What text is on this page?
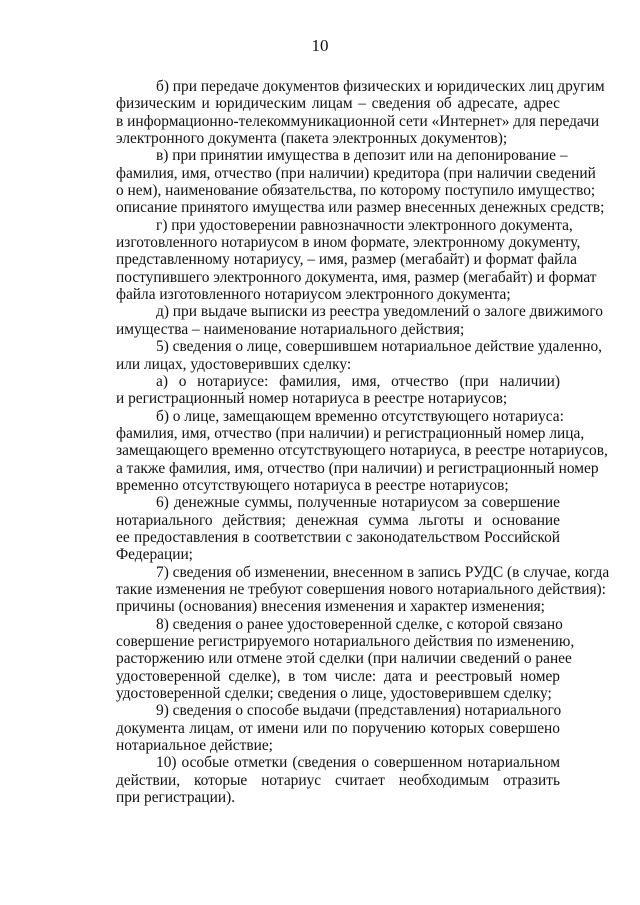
10
б) при передаче документов физических и юридических лиц другим
физическим и юридическим лицам – сведения об адресате, адрес
в информационно-телекоммуникационной сети «Интернет» для передачи
электронного документа (пакета электронных документов);
в) при принятии имущества в депозит или на депонирование –
фамилия, имя, отчество (при наличии) кредитора (при наличии сведений
о нем), наименование обязательства, по которому поступило имущество;
описание принятого имущества или размер внесенных денежных средств;
г) при удостоверении равнозначности электронного документа,
изготовленного нотариусом в ином формате, электронному документу,
представленному нотариусу, – имя, размер (мегабайт) и формат файла
поступившего электронного документа, имя, размер (мегабайт) и формат
файла изготовленного нотариусом электронного документа;
д) при выдаче выписки из реестра уведомлений о залоге движимого
имущества – наименование нотариального действия;
5) сведения о лице, совершившем нотариальное действие удаленно,
или лицах, удостоверивших сделку:
а) о нотариусе: фамилия, имя, отчество (при наличии)
и регистрационный номер нотариуса в реестре нотариусов;
б) о лице, замещающем временно отсутствующего нотариуса:
фамилия, имя, отчество (при наличии) и регистрационный номер лица,
замещающего временно отсутствующего нотариуса, в реестре нотариусов,
а также фамилия, имя, отчество (при наличии) и регистрационный номер
временно отсутствующего нотариуса в реестре нотариусов;
6) денежные суммы, полученные нотариусом за совершение
нотариального действия; денежная сумма льготы и основание
ее предоставления в соответствии с законодательством Российской
Федерации;
7) сведения об изменении, внесенном в запись РУДС (в случае, когда
такие изменения не требуют совершения нового нотариального действия):
причины (основания) внесения изменения и характер изменения;
8) сведения о ранее удостоверенной сделке, с которой связано
совершение регистрируемого нотариального действия по изменению,
расторжению или отмене этой сделки (при наличии сведений о ранее
удостоверенной сделке), в том числе: дата и реестровый номер
удостоверенной сделки; сведения о лице, удостоверившем сделку;
9) сведения о способе выдачи (представления) нотариального
документа лицам, от имени или по поручению которых совершено
нотариальное действие;
10) особые отметки (сведения о совершенном нотариальном
действии, которые нотариус считает необходимым отразить
при регистрации).
